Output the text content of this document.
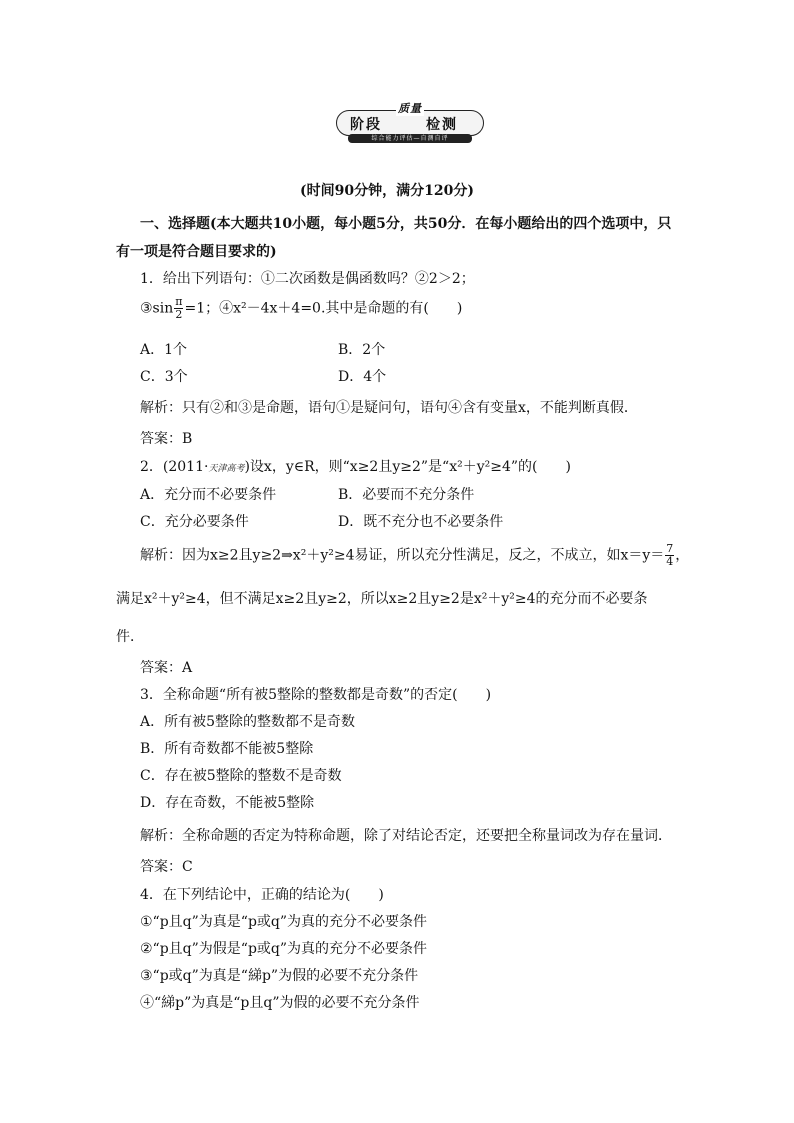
阶段
质量
检测
综合能力评估—自测自评
(时间90分钟，满分120分)
一、选择题(本大题共10小题，每小题5分，共50分．在每小题给出的四个选项中，只
有一项是符合题目要求的)
1．给出下列语句：①二次函数是偶函数吗？②2＞2；
③sin $\frac{\pi}{2} =1$；④x²－4x＋4=0.其中是命题的有(　　)
A．1个	B．2个
C．3个	D．4个
解析：只有②和③是命题，语句①是疑问句，语句④含有变量x，不能判断真假．
答案：B
2．(2011·天津高考)设x，y∈R，则“x≥2且y≥2”是“x²＋y²≥4”的(　　)
A．充分而不必要条件	B．必要而不充分条件
C．充分必要条件	D．既不充分也不必要条件
解析：因为x≥2且y≥2⇒x²＋y²≥4易证，所以充分性满足，反之，不成立，如$x=y= \frac{7}{4}$ ，
满足x²＋y²≥4，但不满足x≥2且y≥2，所以x≥2且y≥2是x²＋y²≥4的充分而不必要条
件．
答案：A
3．全称命题“所有被5整除的整数都是奇数”的否定(　　)
A．所有被5整除的整数都不是奇数
B．所有奇数都不能被5整除
C．存在被5整除的整数不是奇数
D．存在奇数，不能被5整除
解析：全称命题的否定为特称命题，除了对结论否定，还要把全称量词改为存在量词．
答案：C
4．在下列结论中，正确的结论为(　　)
①“p且q”为真是“p或q”为真的充分不必要条件
②“p且q”为假是“p或q”为真的充分不必要条件
③“p或q”为真是“綈p”为假的必要不充分条件
④“綈p”为真是“p且q”为假的必要不充分条件
